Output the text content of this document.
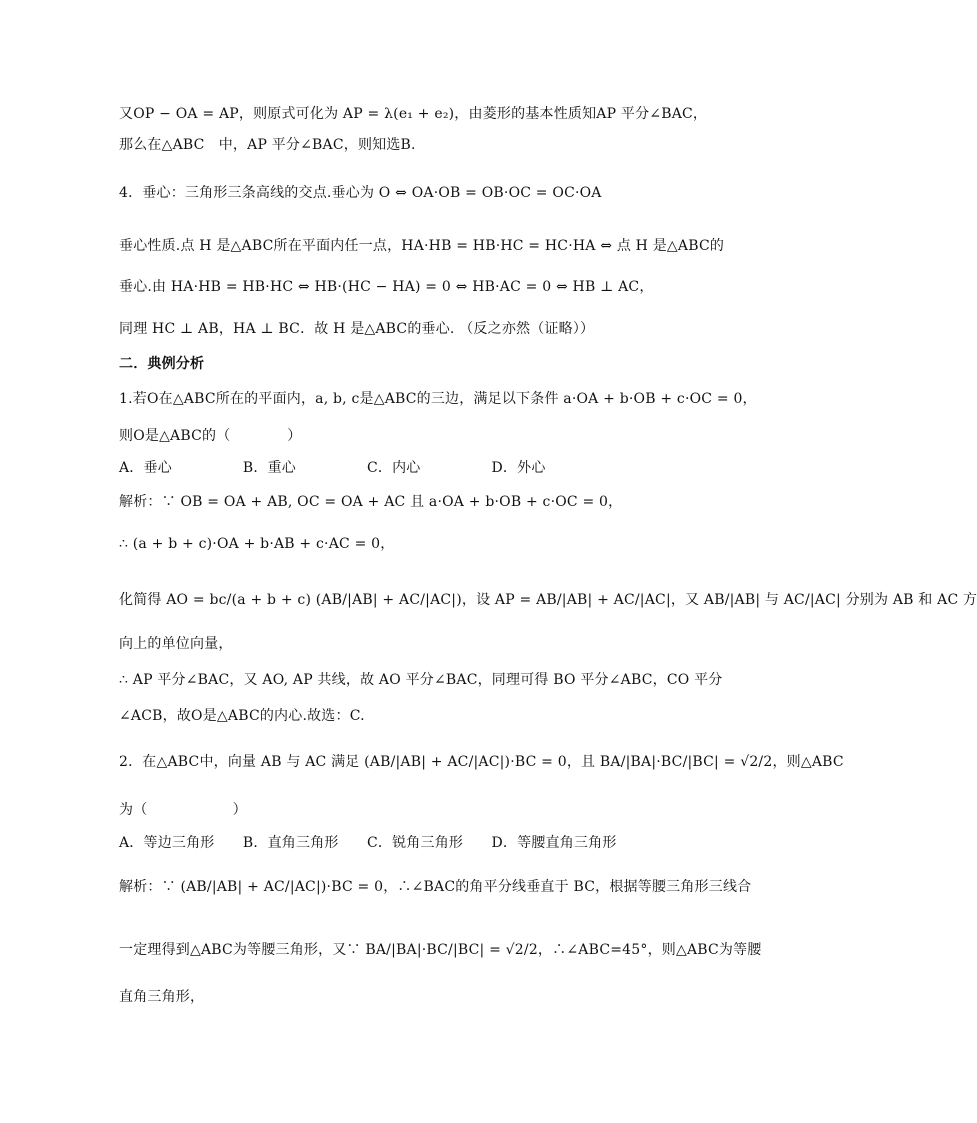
又OP − OA = AP，则原式可化为 AP = λ(e₁ + e₂)，由菱形的基本性质知AP 平分∠BAC，
那么在△ABC　中，AP 平分∠BAC，则知选B.
4．垂心：三角形三条高线的交点.垂心为 O ⇔ OA·OB = OB·OC = OC·OA
垂心性质.点 H 是△ABC所在平面内任一点，HA·HB = HB·HC = HC·HA ⇔ 点 H 是△ABC的
垂心.由 HA·HB = HB·HC ⇔ HB·(HC − HA) = 0 ⇔ HB·AC = 0 ⇔ HB ⊥ AC，
同理 HC ⊥ AB，HA ⊥ BC．故 H 是△ABC的垂心. （反之亦然（证略））
二．典例分析
1.若O在△ABC所在的平面内，a, b, c是△ABC的三边，满足以下条件 a·OA + b·OB + c·OC = 0，
则O是△ABC的（　　　　）
A．垂心　　　　　B．重心　　　　　C．内心　　　　　D．外心
解析：∵ OB = OA + AB, OC = OA + AC 且 a·OA + b·OB + c·OC = 0，
∴ (a + b + c)·OA + b·AB + c·AC = 0，
化简得 AO = bc/(a + b + c) (AB/|AB| + AC/|AC|)，设 AP = AB/|AB| + AC/|AC|，又 AB/|AB| 与 AC/|AC| 分别为 AB 和 AC 方
向上的单位向量，
∴ AP 平分∠BAC，又 AO, AP 共线，故 AO 平分∠BAC，同理可得 BO 平分∠ABC，CO 平分
∠ACB，故O是△ABC的内心.故选：C.
2．在△ABC中，向量 AB 与 AC 满足 (AB/|AB| + AC/|AC|)·BC = 0，且 BA/|BA|·BC/|BC| = √2/2，则△ABC
为（　　　　　　）
A．等边三角形　　B．直角三角形　　C．锐角三角形　　D．等腰直角三角形
解析：∵ (AB/|AB| + AC/|AC|)·BC = 0，∴∠BAC的角平分线垂直于 BC，根据等腰三角形三线合
一定理得到△ABC为等腰三角形，又∵ BA/|BA|·BC/|BC| = √2/2，∴∠ABC=45°，则△ABC为等腰
直角三角形，
